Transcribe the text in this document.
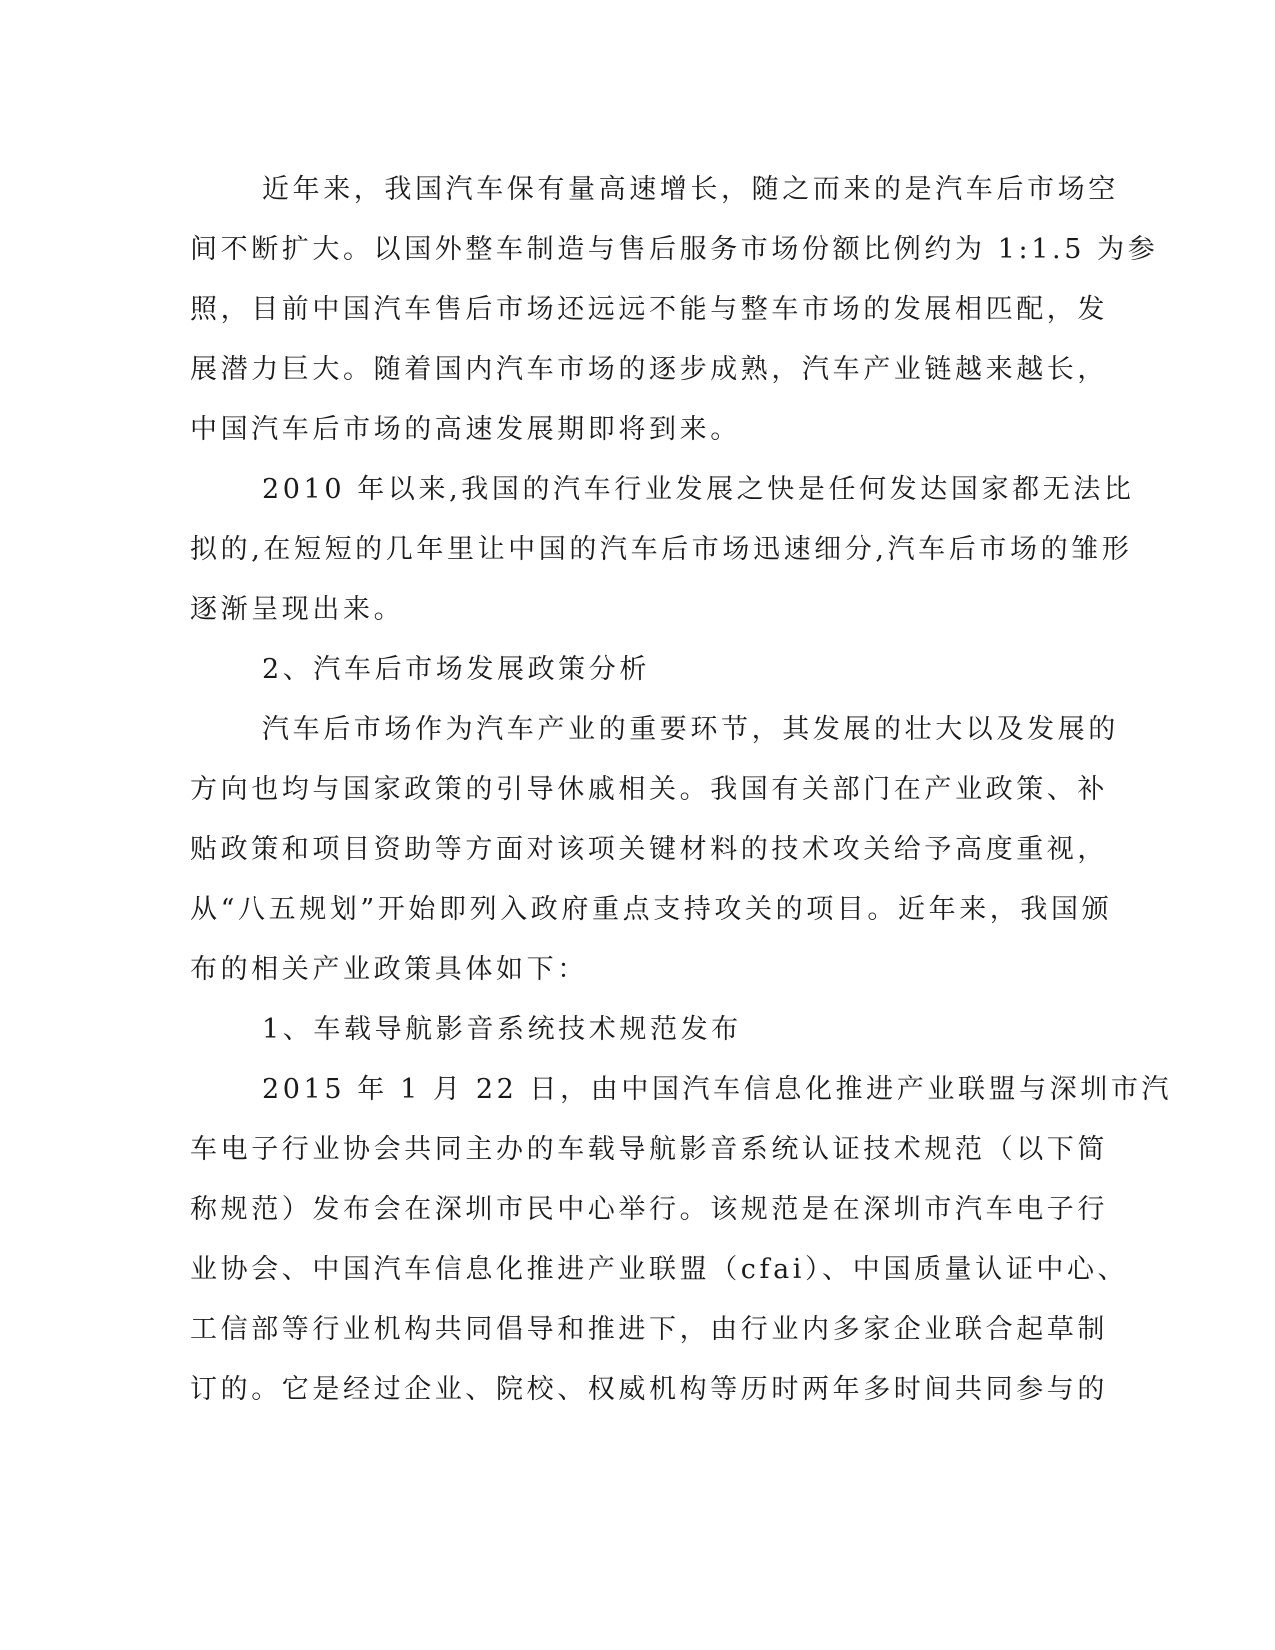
近年来，我国汽车保有量高速增长，随之而来的是汽车后市场空
间不断扩大。以国外整车制造与售后服务市场份额比例约为 1:1.5 为参
照，目前中国汽车售后市场还远远不能与整车市场的发展相匹配，发
展潜力巨大。随着国内汽车市场的逐步成熟，汽车产业链越来越长，
中国汽车后市场的高速发展期即将到来。
2010 年以来,我国的汽车行业发展之快是任何发达国家都无法比
拟的,在短短的几年里让中国的汽车后市场迅速细分,汽车后市场的雏形
逐渐呈现出来。
2、汽车后市场发展政策分析
汽车后市场作为汽车产业的重要环节，其发展的壮大以及发展的
方向也均与国家政策的引导休戚相关。我国有关部门在产业政策、补
贴政策和项目资助等方面对该项关键材料的技术攻关给予高度重视，
从“八五规划”开始即列入政府重点支持攻关的项目。近年来，我国颁
布的相关产业政策具体如下：
1、车载导航影音系统技术规范发布
2015 年 1 月 22 日，由中国汽车信息化推进产业联盟与深圳市汽
车电子行业协会共同主办的车载导航影音系统认证技术规范（以下简
称规范）发布会在深圳市民中心举行。该规范是在深圳市汽车电子行
业协会、中国汽车信息化推进产业联盟（cfai）、中国质量认证中心、
工信部等行业机构共同倡导和推进下，由行业内多家企业联合起草制
订的。它是经过企业、院校、权威机构等历时两年多时间共同参与的
